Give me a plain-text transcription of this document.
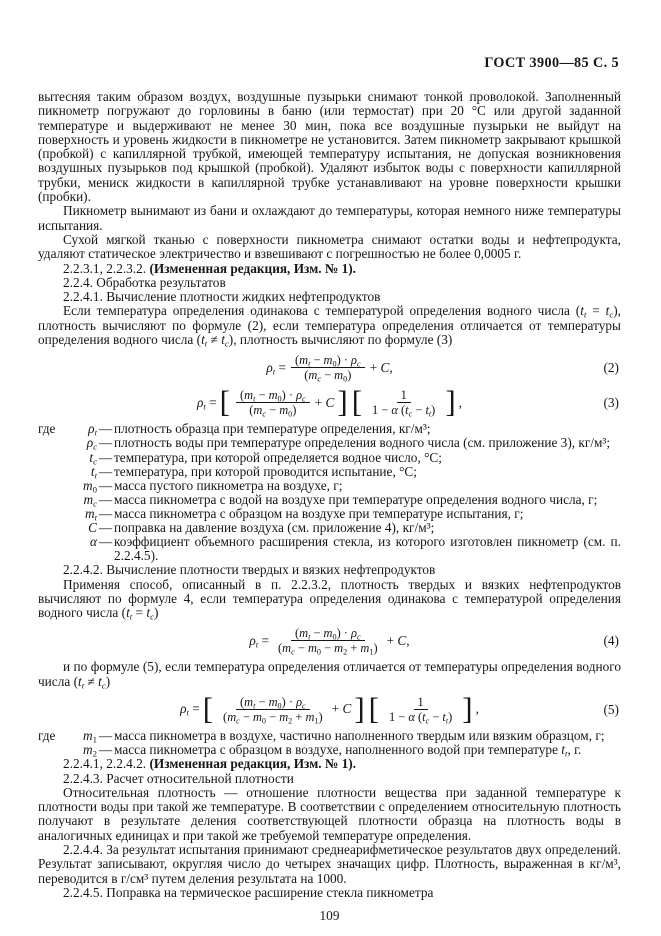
ГОСТ 3900—85 С. 5

вытесняя таким образом воздух, воздушные пузырьки снимают тонкой проволокой. Заполненный пикнометр погружают до горловины в баню (или термостат) при 20 °С или другой заданной температуре и выдерживают не менее 30 мин, пока все воздушные пузырьки не выйдут на поверхность и уровень жидкости в пикнометре не установится. Затем пикнометр закрывают крышкой (пробкой) с капиллярной трубкой, имеющей температуру испытания, не допуская возникновения воздушных пузырьков под крышкой (пробкой). Удаляют избыток воды с поверхности капиллярной трубки, мениск жидкости в капиллярной трубке устанавливают на уровне поверхности крышки (пробки).

Пикнометр вынимают из бани и охлаждают до температуры, которая немного ниже температуры испытания.

Сухой мягкой тканью с поверхности пикнометра снимают остатки воды и нефтепродукта, удаляют статическое электричество и взвешивают с погрешностью не более 0,0005 г.

2.2.3.1, 2.2.3.2. (Измененная редакция, Изм. № 1).

2.2.4. Обработка результатов

2.2.4.1. Вычисление плотности жидких нефтепродуктов

Если температура определения одинакова с температурой определения водного числа (tt = tc), плотность вычисляют по формуле (2), если температура определения отличается от температуры определения водного числа (tt ≠ tc), плотность вычисляют по формуле (3)

$\rho t = \frac{(mt - m0) \cdot \rho c}{(mc - m0)} + C$,	(2)
ρt = [ $\frac{(mt - m0) \cdot \rho c}{(mc - m0)} + C$ ] [ $\frac{1}{1 - \alpha (tc - tt)}$ ] ,	(3)
где	ρt — плотность образца при температуре определения, кг/м³;
ρc — плотность воды при температуре определения водного числа (см. приложение 3), кг/м³;
tc — температура, при которой определяется водное число, °С;
tt — температура, при которой проводится испытание, °С;
m0 — масса пустого пикнометра на воздухе, г;
mc — масса пикнометра с водой на воздухе при температуре определения водного числа, г;
mt — масса пикнометра с образцом на воздухе при температуре испытания, г;
C — поправка на давление воздуха (см. приложение 4), кг/м³;
α — коэффициент объемного расширения стекла, из которого изготовлен пикнометр (см. п. 2.2.4.5).

2.2.4.2. Вычисление плотности твердых и вязких нефтепродуктов

Применяя способ, описанный в п. 2.2.3.2, плотность твердых и вязких нефтепродуктов вычисляют по формуле 4, если температура определения одинакова с температурой определения водного числа (tt = tc)

$\rho t = \frac{(mt - m0) \cdot \rho c}{(mc - m0 - m2 + m1)} + C$,	(4)

и по формуле (5), если температура определения отличается от температуры определения водного числа (tt ≠ tc)

ρt = [ $\frac{(mt - m0) \cdot \rho c}{(mc - m0 - m2 + m1)} + C$ ] [ $\frac{1}{1 - \alpha (tc - tt)}$ ] ,	(5)
где	m1 — масса пикнометра в воздухе, частично наполненного твердым или вязким образцом, г;
m2 — масса пикнометра с образцом в воздухе, наполненного водой при температуре tt, г.

2.2.4.1, 2.2.4.2. (Измененная редакция, Изм. № 1).

2.2.4.3. Расчет относительной плотности

Относительная плотность — отношение плотности вещества при заданной температуре к плотности воды при такой же температуре. В соответствии с определением относительную плотность получают в результате деления соответствующей плотности образца на плотность воды в аналогичных единицах и при такой же требуемой температуре определения.

2.2.4.4. За результат испытания принимают среднеарифметическое результатов двух определений. Результат записывают, округляя число до четырех значащих цифр. Плотность, выраженная в кг/м³, переводится в г/см³ путем деления результата на 1000.

2.2.4.5. Поправка на термическое расширение стекла пикнометра

109
